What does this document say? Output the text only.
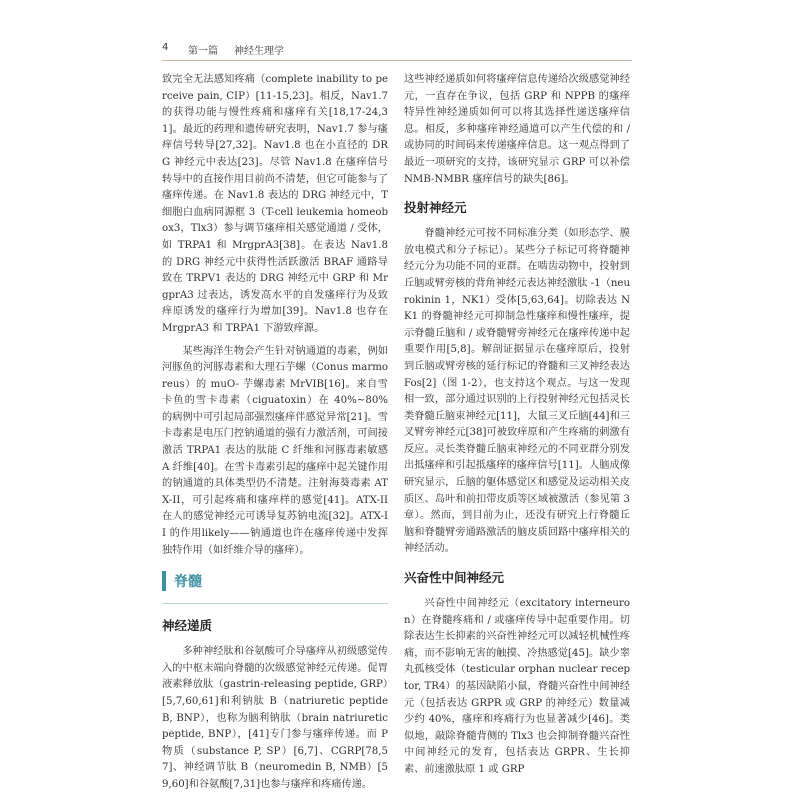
4 第一篇 神经生理学

致完全无法感知疼痛（complete inability to perceive pain, CIP）[11-15,23]。相反，Nav1.7 的获得功能与慢性疼痛和瘙痒有关[18,17-24,31]。最近的药理和遗传研究表明，Nav1.7 参与瘙痒信号转导[27,32]。Nav1.8 也在小直径的 DRG 神经元中表达[23]。尽管 Nav1.8 在瘙痒信号转导中的直接作用目前尚不清楚，但它可能参与了瘙痒传递。在 Nav1.8 表达的 DRG 神经元中，T 细胞白血病同源框 3（T-cell leukemia homeobox3，Tlx3）参与调节瘙痒相关感觉通道 / 受体，如 TRPA1 和 MrgprA3[38]。在表达 Nav1.8 的 DRG 神经元中获得性活跃激活 BRAF 通路导致在 TRPV1 表达的 DRG 神经元中 GRP 和 MrgprA3 过表达，诱发高水平的自发瘙痒行为及致痒原诱发的瘙痒行为增加[39]。Nav1.8 也存在 MrgprA3 和 TRPA1 下游致痒源。

某些海洋生物会产生针对钠通道的毒素，例如河豚鱼的河豚毒素和大理石芋螺（Conus marmoreus）的 muO- 芋螺毒素 MrVIB[16]。来自雪卡鱼的雪卡毒素（ciguatoxin）在 40%~80% 的病例中可引起局部强烈瘙痒伴感觉异常[21]。雪卡毒素是电压门控钠通道的强有力激活剂，可间接激活 TRPA1 表达的肽能 C 纤维和河豚毒素敏感 A 纤维[40]。在雪卡毒素引起的瘙痒中起关键作用的钠通道的具体类型仍不清楚。注射海葵毒素 ATX-II，可引起疼痛和瘙痒样的感觉[41]。ATX-II 在人的感觉神经元可诱导复苏钠电流[32]。ATX-II 的作用likely——钠通道也许在瘙痒传递中发挥独特作用（如纤维介导的瘙痒）。

脊髓
神经递质

多种神经肽和谷氨酸可介导瘙痒从初级感觉传入的中枢末端向脊髓的次级感觉神经元传递。促胃液素释放肽（gastrin-releasing peptide, GRP）[5,7,60,61]和利钠肽 B（natriuretic peptide B, BNP），也称为脑利钠肽（brain natriuretic peptide, BNP），[41]专门参与瘙痒传递。而 P 物质（substance P, SP）[6,7]、CGRP[78,57]、神经调节肽 B（neuromedin B, NMB）[59,60]和谷氨酸[7,31]也参与瘙痒和疼痛传递。

这些神经递质如何将瘙痒信息传递给次级感觉神经元，一直存在争议，包括 GRP 和 NPPB 的瘙痒特异性神经递质如何可以将其选择性递送瘙痒信息。相反，多种瘙痒神经通道可以产生代偿的和 / 或协同的时间码来传递瘙痒信息。这一观点得到了最近一项研究的支持，该研究显示 GRP 可以补偿 NMB-NMBR 瘙痒信号的缺失[86]。

投射神经元

脊髓神经元可按不同标准分类（如形态学、膜放电模式和分子标记）。某些分子标记可将脊髓神经元分为功能不同的亚群。在啮齿动物中，投射到丘脑或臂旁核的背角神经元表达神经激肽 -1（neurokinin 1，NK1）受体[5,63,64]。切除表达 NK1 的脊髓神经元可抑制急性瘙痒和慢性瘙痒，提示脊髓丘脑和 / 或脊髓臂旁神经元在瘙痒传递中起重要作用[5,8]。解剖证据显示在瘙痒原后，投射到丘脑或臂旁核的延行标记的脊髓和三叉神经表达 Fos[2]（图 1-2），也支持这个观点。与这一发现相一致，部分通过识别的上行投射神经元包括灵长类脊髓丘脑束神经元[11]，大鼠三叉丘脑[44]和三叉臂旁神经元[38]可被致痒原和产生疼痛的刺激有反应。灵长类脊髓丘脑束神经元的不同亚群分别发出抵瘙痒和引起抵瘙痒的瘙痒信号[11]。人脑成像研究显示，丘脑的躯体感觉区和感觉及运动相关皮质区、岛叶和前扣带皮质等区域被激活（参见第 3 章）。然而，到目前为止，还没有研究上行脊髓丘脑和脊髓臂旁通路激活的脑皮质回路中瘙痒相关的神经活动。

兴奋性中间神经元

兴奋性中间神经元（excitatory interneuron）在脊髓疼痛和 / 或瘙痒传导中起重要作用。切除表达生长抑素的兴奋性神经元可以减轻机械性疼痛，而不影响无害的触摸、冷热感觉[45]。缺少睾丸孤核受体（testicular orphan nuclear receptor, TR4）的基因缺陷小鼠，脊髓兴奋性中间神经元（包括表达 GRPR 或 GRP 的神经元）数量减少约 40%，瘙痒和疼痛行为也显著减少[46]。类似地，敲除脊髓背侧的 Tlx3 也会抑制脊髓兴奋性中间神经元的发育，包括表达 GRPR、生长抑素、前速激肽原 1 或 GRP
